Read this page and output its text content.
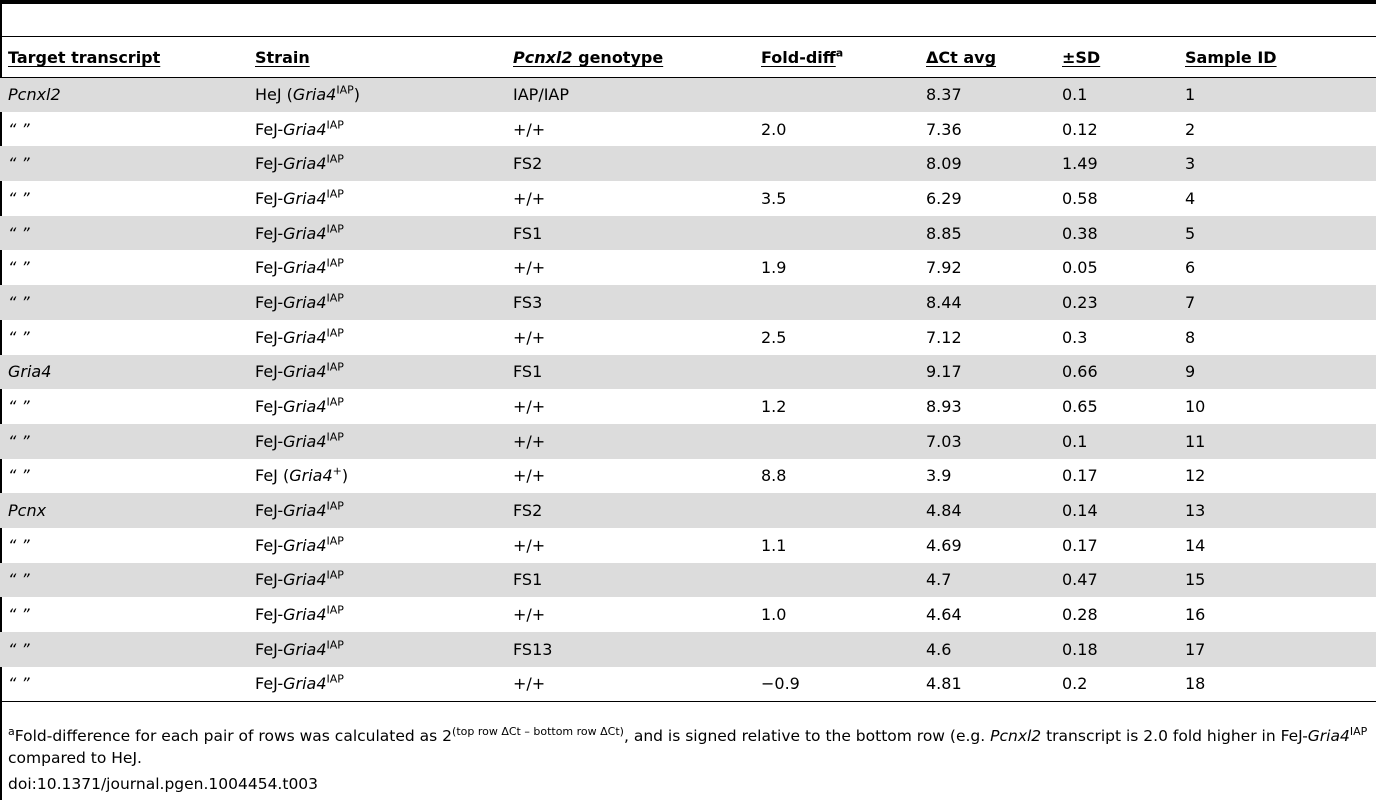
Target transcript	Strain	Pcnxl2 genotype	Fold-diff$^a$	ΔCt avg	±SD	Sample ID
Pcnxl2	HeJ $(Gria4^{IAP})$	IAP/IAP		8.37	0.1	1
“ ”	FeJ-$Gria4^{IAP}$	+/+	2.0	7.36	0.12	2
“ ”	FeJ-$Gria4^{IAP}$	FS2		8.09	1.49	3
“ ”	FeJ-$Gria4^{IAP}$	+/+	3.5	6.29	0.58	4
“ ”	FeJ-$Gria4^{IAP}$	FS1		8.85	0.38	5
“ ”	FeJ-$Gria4^{IAP}$	+/+	1.9	7.92	0.05	6
“ ”	FeJ-$Gria4^{IAP}$	FS3		8.44	0.23	7
“ ”	FeJ-$Gria4^{IAP}$	+/+	2.5	7.12	0.3	8
Gria4	FeJ-$Gria4^{IAP}$	FS1		9.17	0.66	9
“ ”	FeJ-$Gria4^{IAP}$	+/+	1.2	8.93	0.65	10
“ ”	FeJ-$Gria4^{IAP}$	+/+		7.03	0.1	11
“ ”	FeJ (Gria4+)	+/+	8.8	3.9	0.17	12
Pcnx	FeJ-$Gria4^{IAP}$	FS2		4.84	0.14	13
“ ”	FeJ-$Gria4^{IAP}$	+/+	1.1	4.69	0.17	14
“ ”	FeJ-$Gria4^{IAP}$	FS1		4.7	0.47	15
“ ”	FeJ-$Gria4^{IAP}$	+/+	1.0	4.64	0.28	16
“ ”	FeJ-$Gria4^{IAP}$	FS13		4.6	0.18	17
“ ”	FeJ-$Gria4^{IAP}$	+/+	−0.9	4.81	0.2	18
$^a$Fold-difference for each pair of rows was calculated as $2^{(top row \Delta Ct - bottom row \Delta Ct)}$, and is signed relative to the bottom row (e.g. Pcnxl2 transcript is 2.0 fold higher in FeJ-$Gria4^{IAP}$ compared to HeJ.
doi:10.1371/journal.pgen.1004454.t003
